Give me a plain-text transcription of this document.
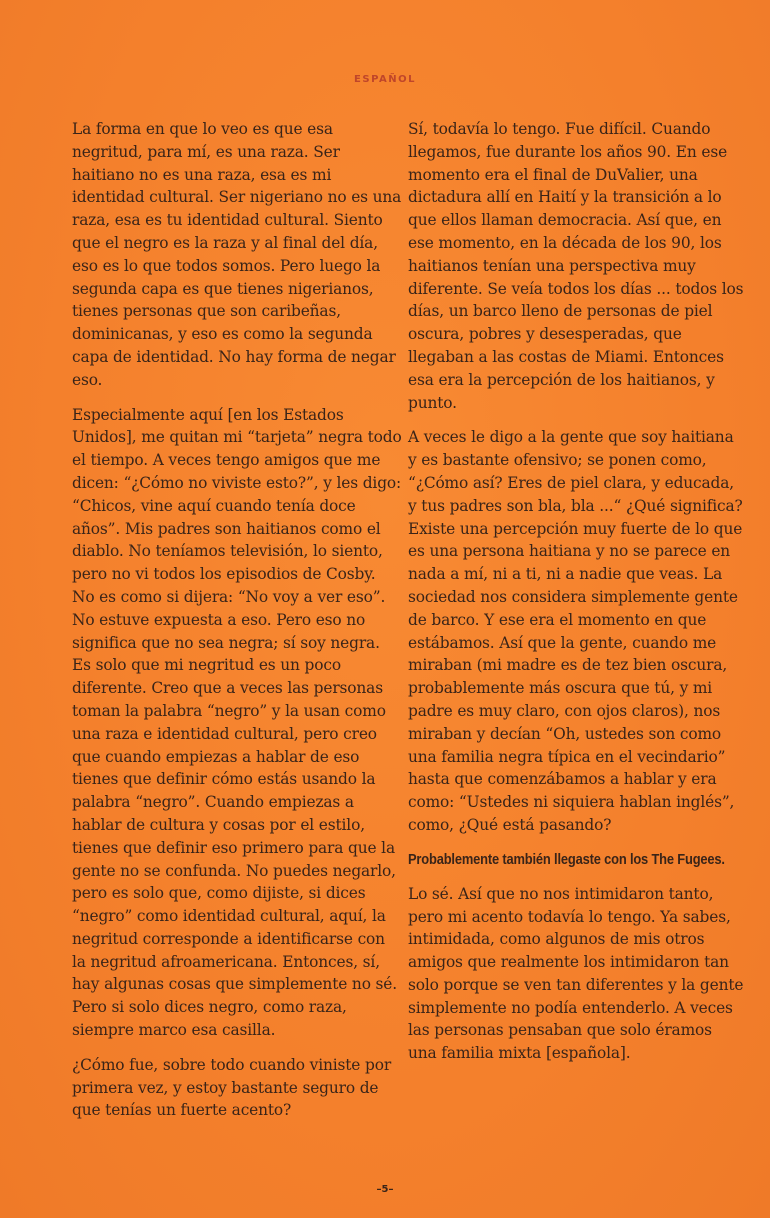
ESPAÑOL

La forma en que lo veo es que esa negritud, para mí, es una raza. Ser haitiano no es una raza, esa es mi identidad cultural. Ser nigeriano no es una raza, esa es tu identidad cultural. Siento que el negro es la raza y al final del día, eso es lo que todos somos. Pero luego la segunda capa es que tienes nigerianos, tienes personas que son caribeñas, dominicanas, y eso es como la segunda capa de identidad. No hay forma de negar eso.

Especialmente aquí [en los Estados Unidos], me quitan mi “tarjeta” negra todo el tiempo. A veces tengo amigos que me dicen: “¿Cómo no viviste esto?”, y les digo: “Chicos, vine aquí cuando tenía doce años”. Mis padres son haitianos como el diablo. No teníamos televisión, lo siento, pero no vi todos los episodios de Cosby. No es como si dijera: “No voy a ver eso”. No estuve expuesta a eso. Pero eso no significa que no sea negra; sí soy negra. Es solo que mi negritud es un poco diferente. Creo que a veces las personas toman la palabra “negro” y la usan como una raza e identidad cultural, pero creo que cuando empiezas a hablar de eso tienes que definir cómo estás usando la palabra “negro”. Cuando empiezas a hablar de cultura y cosas por el estilo, tienes que definir eso primero para que la gente no se confunda. No puedes negarlo, pero es solo que, como dijiste, si dices “negro” como identidad cultural, aquí, la negritud corresponde a identificarse con la negritud afroamericana. Entonces, sí, hay algunas cosas que simplemente no sé. Pero si solo dices negro, como raza, siempre marco esa casilla.

¿Cómo fue, sobre todo cuando viniste por primera vez, y estoy bastante seguro de que tenías un fuerte acento?

Sí, todavía lo tengo. Fue difícil. Cuando llegamos, fue durante los años 90. En ese momento era el final de DuValier, una dictadura allí en Haití y la transición a lo que ellos llaman democracia. Así que, en ese momento, en la década de los 90, los haitianos tenían una perspectiva muy diferente. Se veía todos los días ... todos los días, un barco lleno de personas de piel oscura, pobres y desesperadas, que llegaban a las costas de Miami. Entonces esa era la percepción de los haitianos, y punto.

A veces le digo a la gente que soy haitiana y es bastante ofensivo; se ponen como, “¿Cómo así? Eres de piel clara, y educada, y tus padres son bla, bla ...“ ¿Qué significa? Existe una percepción muy fuerte de lo que es una persona haitiana y no se parece en nada a mí, ni a ti, ni a nadie que veas. La sociedad nos considera simplemente gente de barco. Y ese era el momento en que estábamos. Así que la gente, cuando me miraban (mi madre es de tez bien oscura, probablemente más oscura que tú, y mi padre es muy claro, con ojos claros), nos miraban y decían “Oh, ustedes son como una familia negra típica en el vecindario” hasta que comenzábamos a hablar y era como: “Ustedes ni siquiera hablan inglés”, como, ¿Qué está pasando?

Probablemente también llegaste con los The Fugees.

Lo sé. Así que no nos intimidaron tanto, pero mi acento todavía lo tengo. Ya sabes, intimidada, como algunos de mis otros amigos que realmente los intimidaron tan solo porque se ven tan diferentes y la gente simplemente no podía entenderlo. A veces las personas pensaban que solo éramos una familia mixta [española].

–5–
